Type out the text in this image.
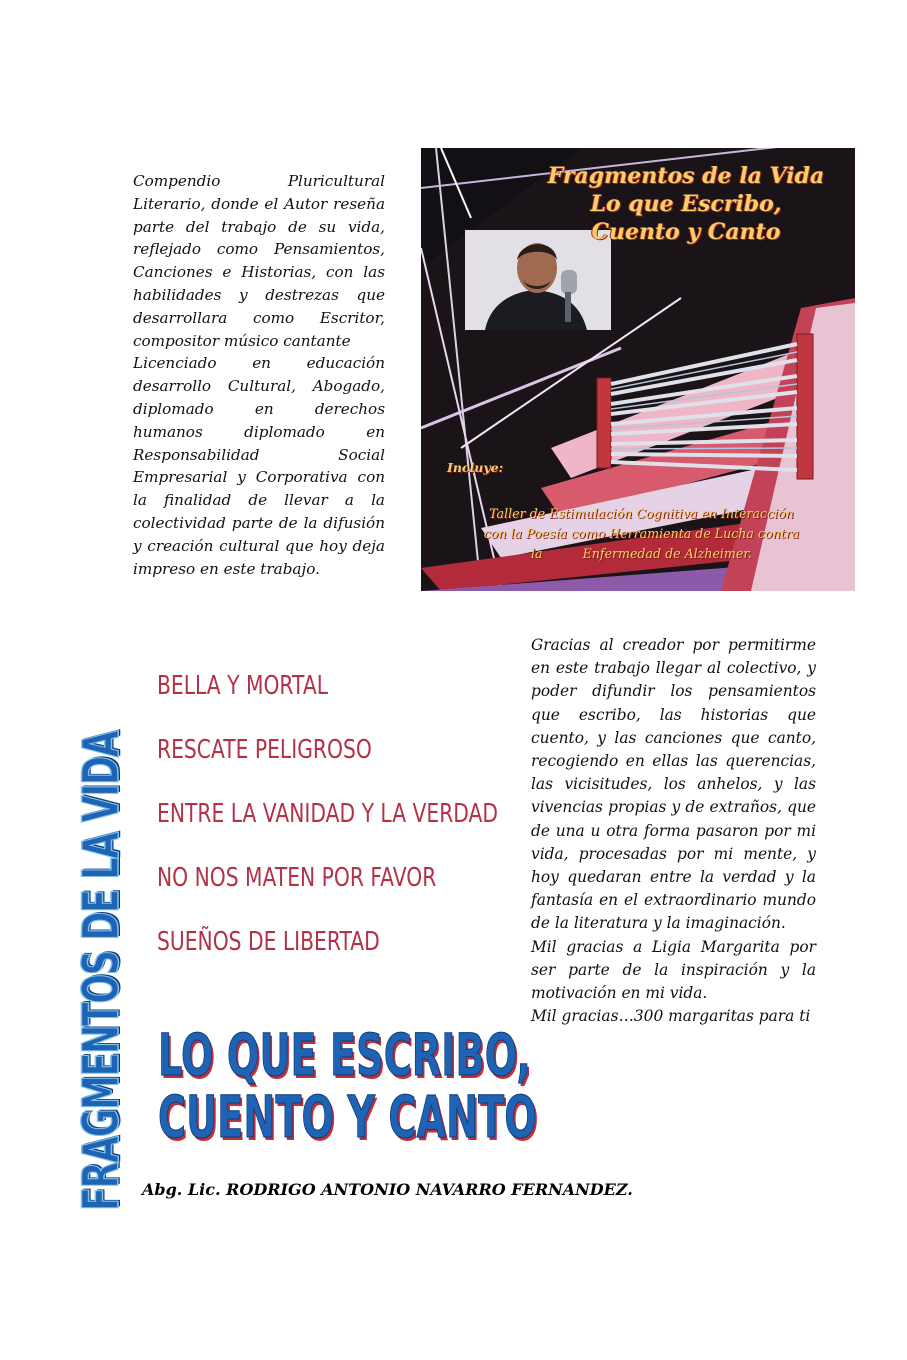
Compendio Pluricultural Literario, donde el Autor reseña parte del trabajo de su vida, reflejado como Pensamientos, Canciones e Historias, con las habilidades y destrezas que desarrollara como Escritor, compositor músico cantante

Licenciado en educación desarrollo Cultural, Abogado, diplomado en derechos humanos diplomado en Responsabilidad Social Empresarial y Corporativa con la finalidad de llevar a la colectividad parte de la difusión y creación cultural que hoy deja impreso en este trabajo.

Fragmentos de la Vida
Lo que Escribo,
Cuento y Canto
Incluye:
Taller de Estimulación Cognitiva en Interacción
con la Poesía como Herramienta de Lucha contra
la          Enfermedad de Alzheimer.
FRAGMENTOS DE LA VIDA
BELLA Y MORTAL
RESCATE PELIGROSO
ENTRE LA VANIDAD Y LA VERDAD
NO NOS MATEN POR FAVOR
SUEÑOS DE LIBERTAD

Gracias al creador por permitirme en este trabajo llegar al colectivo, y poder difundir los pensamientos que escribo, las historias que cuento, y las canciones que canto, recogiendo en ellas las querencias, las vicisitudes, los anhelos, y las vivencias propias y de extraños, que de una u otra forma pasaron por mi vida, procesadas por mi mente, y hoy quedaran entre la verdad y la fantasía en el extraordinario mundo de la literatura y la imaginación.

Mil gracias a Ligia Margarita por ser parte de la inspiración y la motivación en mi vida.

Mil gracias…300 margaritas para ti

LO QUE ESCRIBO,
CUENTO Y CANTO
Abg. Lic. RODRIGO ANTONIO NAVARRO FERNANDEZ.
